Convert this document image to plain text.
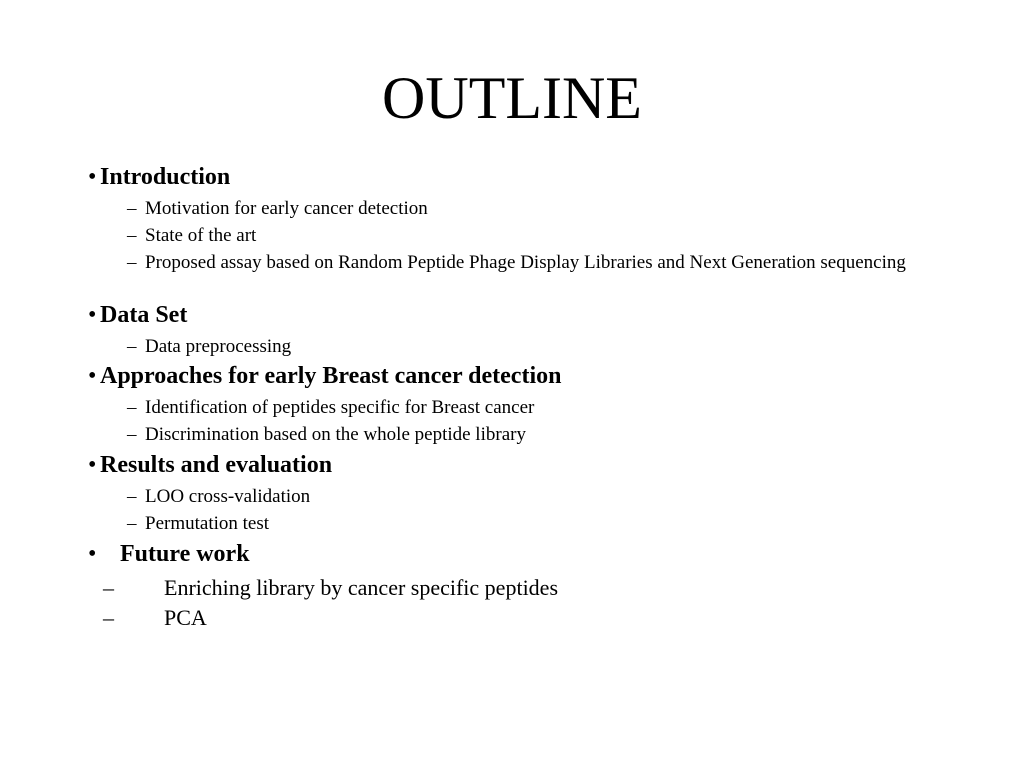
OUTLINE
• Introduction
– Motivation for early cancer detection
– State of the art
– Proposed assay based on Random Peptide Phage Display Libraries and Next Generation sequencing
• Data Set
– Data preprocessing
• Approaches for early Breast cancer detection
– Identification of peptides specific for Breast cancer
– Discrimination based on the whole peptide library
• Results and evaluation
– LOO cross-validation
– Permutation test
• Future work
– Enriching library by cancer specific peptides
– PCA
